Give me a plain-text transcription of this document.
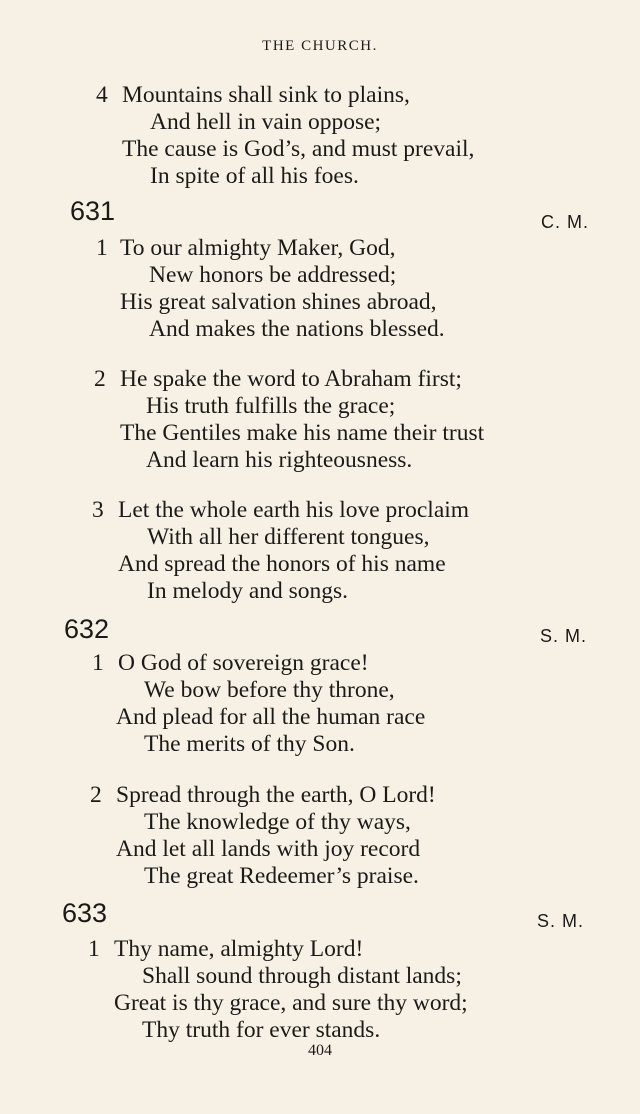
THE CHURCH.
4 Mountains shall sink to plains,
And hell in vain oppose;
The cause is God’s, and must prevail,
In spite of all his foes.
631	C. M.
1 To our almighty Maker, God,
New honors be addressed;
His great salvation shines abroad,
And makes the nations blessed.
2 He spake the word to Abraham first;
His truth fulfills the grace;
The Gentiles make his name their trust
And learn his righteousness.
3 Let the whole earth his love proclaim
With all her different tongues,
And spread the honors of his name
In melody and songs.
632	S. M.
1 O God of sovereign grace!
We bow before thy throne,
And plead for all the human race
The merits of thy Son.
2 Spread through the earth, O Lord!
The knowledge of thy ways,
And let all lands with joy record
The great Redeemer’s praise.
633	S. M.
1 Thy name, almighty Lord!
Shall sound through distant lands;
Great is thy grace, and sure thy word;
Thy truth for ever stands.
404
